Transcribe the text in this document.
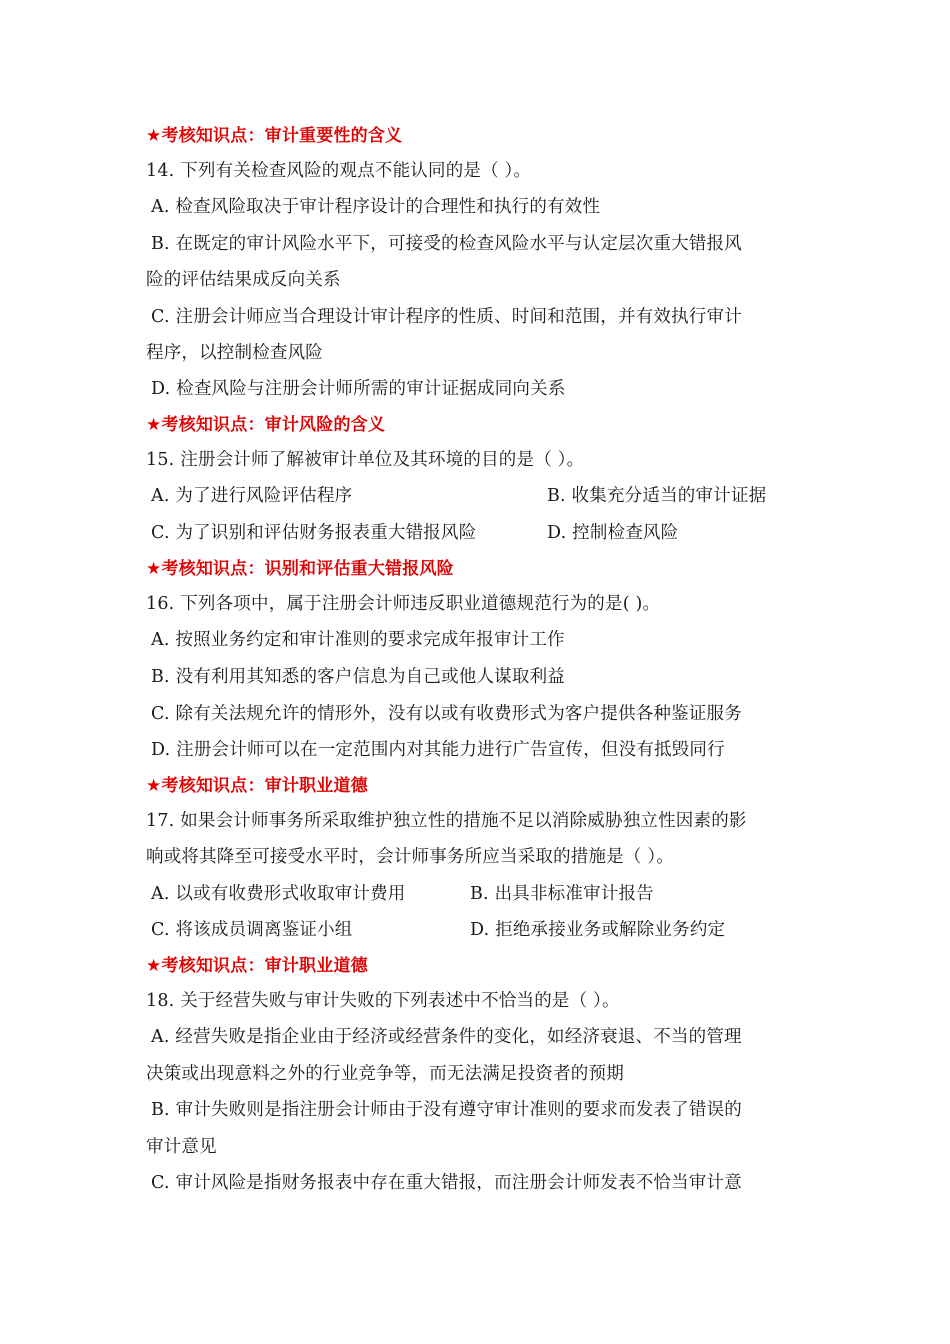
★考核知识点：审计重要性的含义
14. 下列有关检查风险的观点不能认同的是（ ）。
A. 检查风险取决于审计程序设计的合理性和执行的有效性
B. 在既定的审计风险水平下，可接受的检查风险水平与认定层次重大错报风
险的评估结果成反向关系
C. 注册会计师应当合理设计审计程序的性质、时间和范围，并有效执行审计
程序，以控制检查风险
D. 检查风险与注册会计师所需的审计证据成同向关系
★考核知识点：审计风险的含义
15. 注册会计师了解被审计单位及其环境的目的是（ ）。
A. 为了进行风险评估程序	B. 收集充分适当的审计证据
C. 为了识别和评估财务报表重大错报风险	D. 控制检查风险
★考核知识点：识别和评估重大错报风险
16. 下列各项中，属于注册会计师违反职业道德规范行为的是( )。
A. 按照业务约定和审计准则的要求完成年报审计工作
B. 没有利用其知悉的客户信息为自己或他人谋取利益
C. 除有关法规允许的情形外，没有以或有收费形式为客户提供各种鉴证服务
D. 注册会计师可以在一定范围内对其能力进行广告宣传，但没有抵毁同行
★考核知识点：审计职业道德
17. 如果会计师事务所采取维护独立性的措施不足以消除威胁独立性因素的影
响或将其降至可接受水平时，会计师事务所应当采取的措施是（ ）。
A. 以或有收费形式收取审计费用	B. 出具非标准审计报告
C. 将该成员调离鉴证小组	D. 拒绝承接业务或解除业务约定
★考核知识点：审计职业道德
18. 关于经营失败与审计失败的下列表述中不恰当的是（ ）。
A. 经营失败是指企业由于经济或经营条件的变化，如经济衰退、不当的管理
决策或出现意料之外的行业竞争等，而无法满足投资者的预期
B. 审计失败则是指注册会计师由于没有遵守审计准则的要求而发表了错误的
审计意见
C. 审计风险是指财务报表中存在重大错报，而注册会计师发表不恰当审计意
